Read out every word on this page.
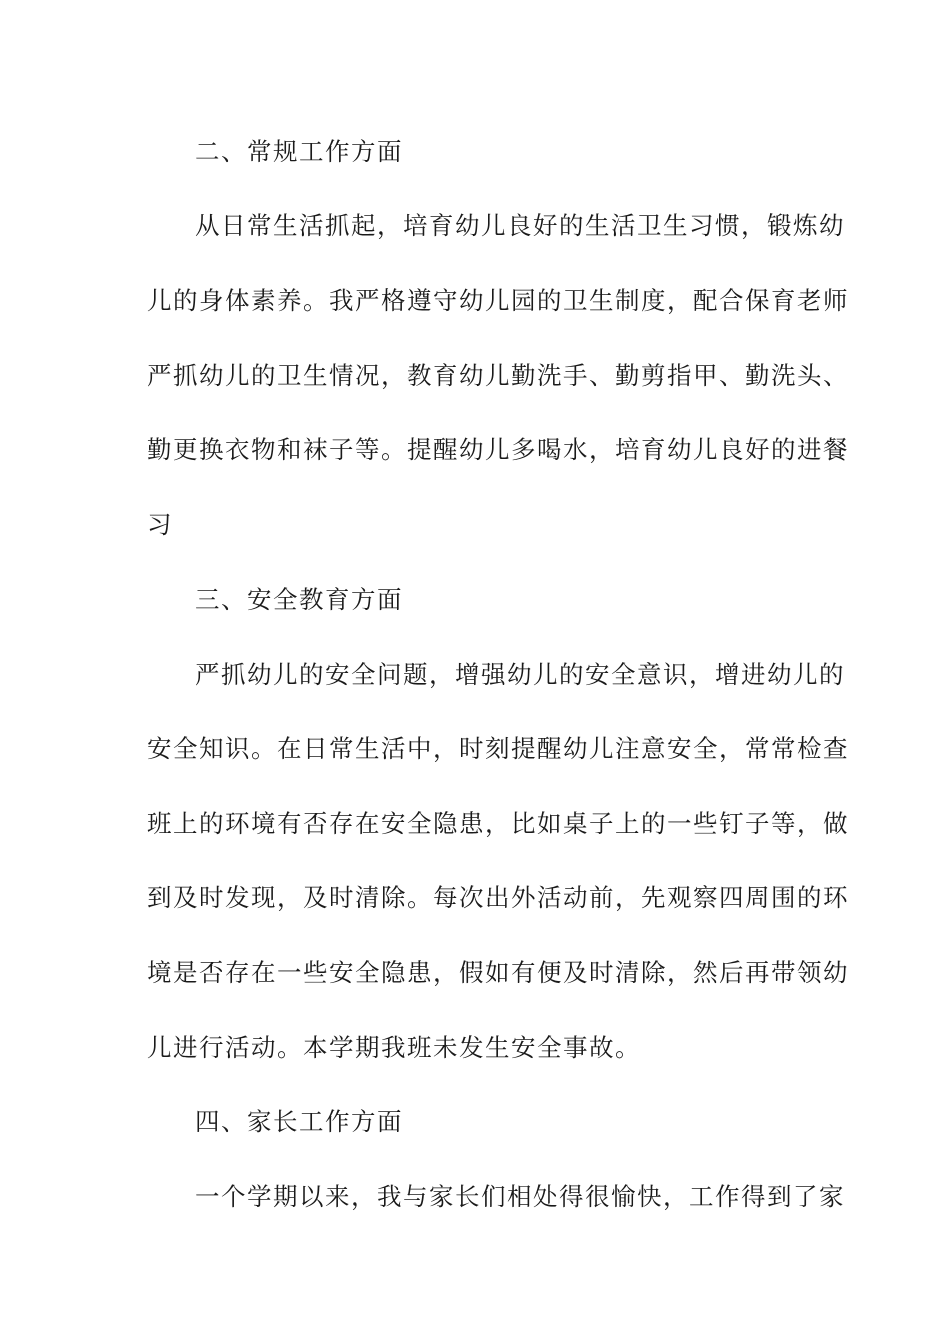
二、常规工作方面
从日常生活抓起，培育幼儿良好的生活卫生习惯，锻炼幼
儿的身体素养。我严格遵守幼儿园的卫生制度，配合保育老师
严抓幼儿的卫生情况，教育幼儿勤洗手、勤剪指甲、勤洗头、
勤更换衣物和袜子等。提醒幼儿多喝水，培育幼儿良好的进餐
习
三、安全教育方面
严抓幼儿的安全问题，增强幼儿的安全意识，增进幼儿的
安全知识。在日常生活中，时刻提醒幼儿注意安全，常常检查
班上的环境有否存在安全隐患，比如桌子上的一些钉子等，做
到及时发现，及时清除。每次出外活动前，先观察四周围的环
境是否存在一些安全隐患，假如有便及时清除，然后再带领幼
儿进行活动。本学期我班未发生安全事故。
四、家长工作方面
一个学期以来，我与家长们相处得很愉快，工作得到了家
